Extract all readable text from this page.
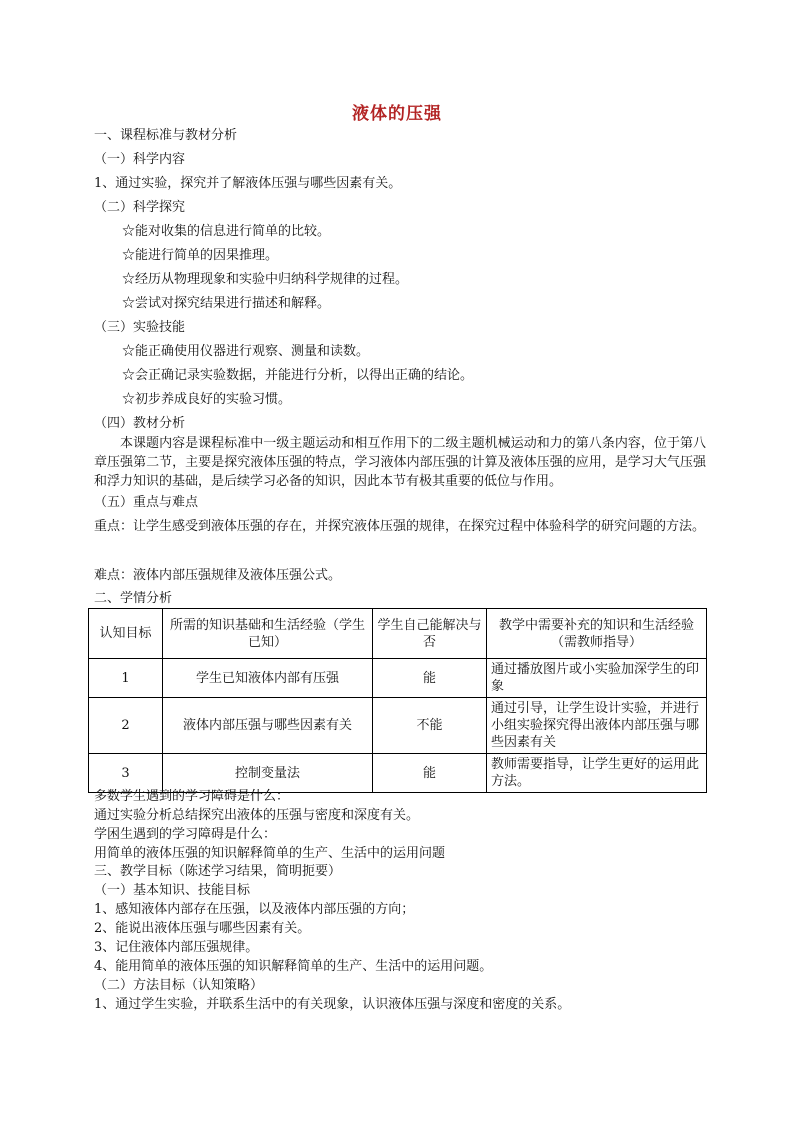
液体的压强
一、课程标准与教材分析
（一）科学内容
1、通过实验，探究并了解液体压强与哪些因素有关。
（二）科学探究
☆能对收集的信息进行简单的比较。
☆能进行简单的因果推理。
☆经历从物理现象和实验中归纳科学规律的过程。
☆尝试对探究结果进行描述和解释。
（三）实验技能
☆能正确使用仪器进行观察、测量和读数。
☆会正确记录实验数据，并能进行分析，以得出正确的结论。
☆初步养成良好的实验习惯。
（四）教材分析
本课题内容是课程标准中一级主题运动和相互作用下的二级主题机械运动和力的第八条内容，位于第八章压强第二节，主要是探究液体压强的特点，学习液体内部压强的计算及液体压强的应用，是学习大气压强和浮力知识的基础，是后续学习必备的知识，因此本节有极其重要的低位与作用。
（五）重点与难点
重点：让学生感受到液体压强的存在，并探究液体压强的规律，在探究过程中体验科学的研究问题的方法。
难点：液体内部压强规律及液体压强公式。
二、学情分析
认知目标	所需的知识基础和生活经验（学生已知）	学生自己能解决与否	教学中需要补充的知识和生活经验（需教师指导）
1	学生已知液体内部有压强	能	通过播放图片或小实验加深学生的印象
2	液体内部压强与哪些因素有关	不能	通过引导，让学生设计实验，并进行小组实验探究得出液体内部压强与哪些因素有关
3	控制变量法	能	教师需要指导，让学生更好的运用此方法。
多数学生遇到的学习障碍是什么：
通过实验分析总结探究出液体的压强与密度和深度有关。
学困生遇到的学习障碍是什么：
用简单的液体压强的知识解释简单的生产、生活中的运用问题
三、教学目标（陈述学习结果，简明扼要）
（一）基本知识、技能目标
1、感知液体内部存在压强，以及液体内部压强的方向；
2、能说出液体压强与哪些因素有关。
3、记住液体内部压强规律。
4、能用简单的液体压强的知识解释简单的生产、生活中的运用问题。
（二）方法目标（认知策略）
1、通过学生实验，并联系生活中的有关现象，认识液体压强与深度和密度的关系。
